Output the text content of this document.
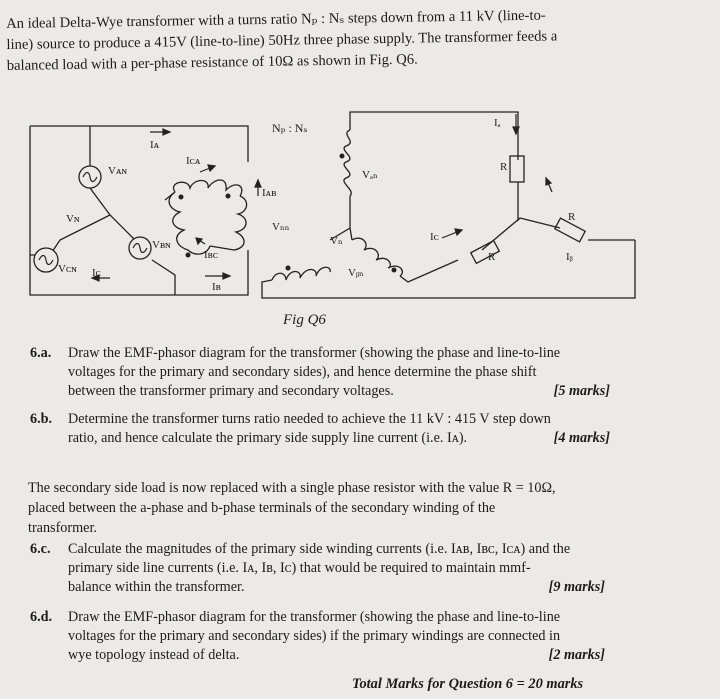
An ideal Delta-Wye transformer with a turns ratio Nₚ : Nₛ steps down from a 11 kV (line-to-
line) source to produce a 415V (line-to-line) 50Hz three phase supply. The transformer feeds a
balanced load with a per-phase resistance of 10Ω as shown in Fig. Q6.
Nₚ : Nₛ
Iᴀ
Iᴄᴀ
Iᴀʙ
Iʙᴄ
Iʙ
Iᴄ
Vᴀɴ
Vʙɴ
Vᴄɴ
Vɴ
Vₐₙ
Vₙₙ
Vₙ
Vᵦₙ
Iₐ
Iᴄ
Iᵦ
R
R
R
Fig Q6
6.a. Draw the EMF-phasor diagram for the transformer (showing the phase and line-to-line
voltages for the primary and secondary sides), and hence determine the phase shift
between the transformer primary and secondary voltages.	[5 marks]
6.b. Determine the transformer turns ratio needed to achieve the 11 kV : 415 V step down
ratio, and hence calculate the primary side supply line current (i.e. Iᴀ).	[4 marks]
The secondary side load is now replaced with a single phase resistor with the value R = 10Ω,
placed between the a-phase and b-phase terminals of the secondary winding of the
transformer.
6.c. Calculate the magnitudes of the primary side winding currents (i.e. Iᴀʙ, Iʙᴄ, Iᴄᴀ) and the
primary side line currents (i.e. Iᴀ, Iʙ, Iᴄ) that would be required to maintain mmf-
balance within the transformer.	[9 marks]
6.d. Draw the EMF-phasor diagram for the transformer (showing the phase and line-to-line
voltages for the primary and secondary sides) if the primary windings are connected in
wye topology instead of delta.	[2 marks]
Total Marks for Question 6 = 20 marks
